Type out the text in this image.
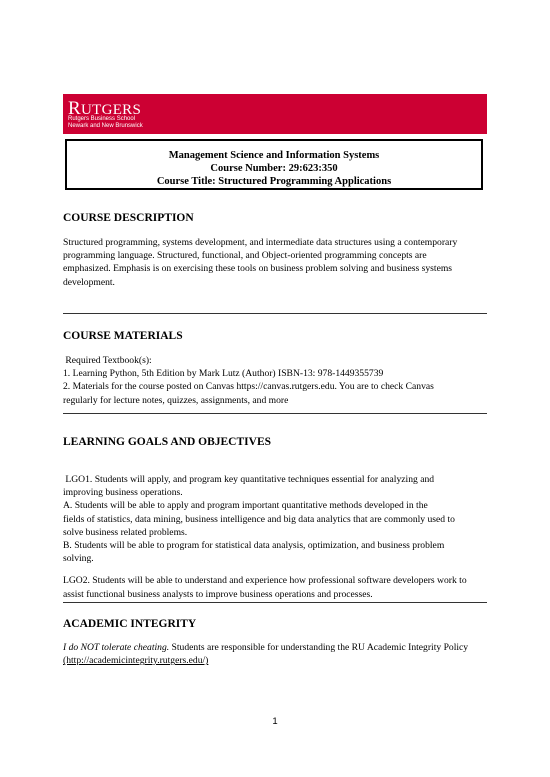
RUTGERS
Rutgers Business School
Newark and New Brunswick
Management Science and Information Systems
Course Number: 29:623:350
Course Title: Structured Programming Applications
COURSE DESCRIPTION
Structured programming, systems development, and intermediate data structures using a contemporary
programming language. Structured, functional, and Object-oriented programming concepts are
emphasized. Emphasis is on exercising these tools on business problem solving and business systems
development.
COURSE MATERIALS
Required Textbook(s):
1. Learning Python, 5th Edition by Mark Lutz (Author) ISBN-13: 978-1449355739
2. Materials for the course posted on Canvas https://canvas.rutgers.edu. You are to check Canvas
regularly for lecture notes, quizzes, assignments, and more
LEARNING GOALS AND OBJECTIVES
LGO1. Students will apply, and program key quantitative techniques essential for analyzing and
improving business operations.
A. Students will be able to apply and program important quantitative methods developed in the
fields of statistics, data mining, business intelligence and big data analytics that are commonly used to
solve business related problems.
B. Students will be able to program for statistical data analysis, optimization, and business problem
solving.
LGO2. Students will be able to understand and experience how professional software developers work to
assist functional business analysts to improve business operations and processes.
ACADEMIC INTEGRITY
I do NOT tolerate cheating. Students are responsible for understanding the RU Academic Integrity Policy
(http://academicintegrity.rutgers.edu/)
1
